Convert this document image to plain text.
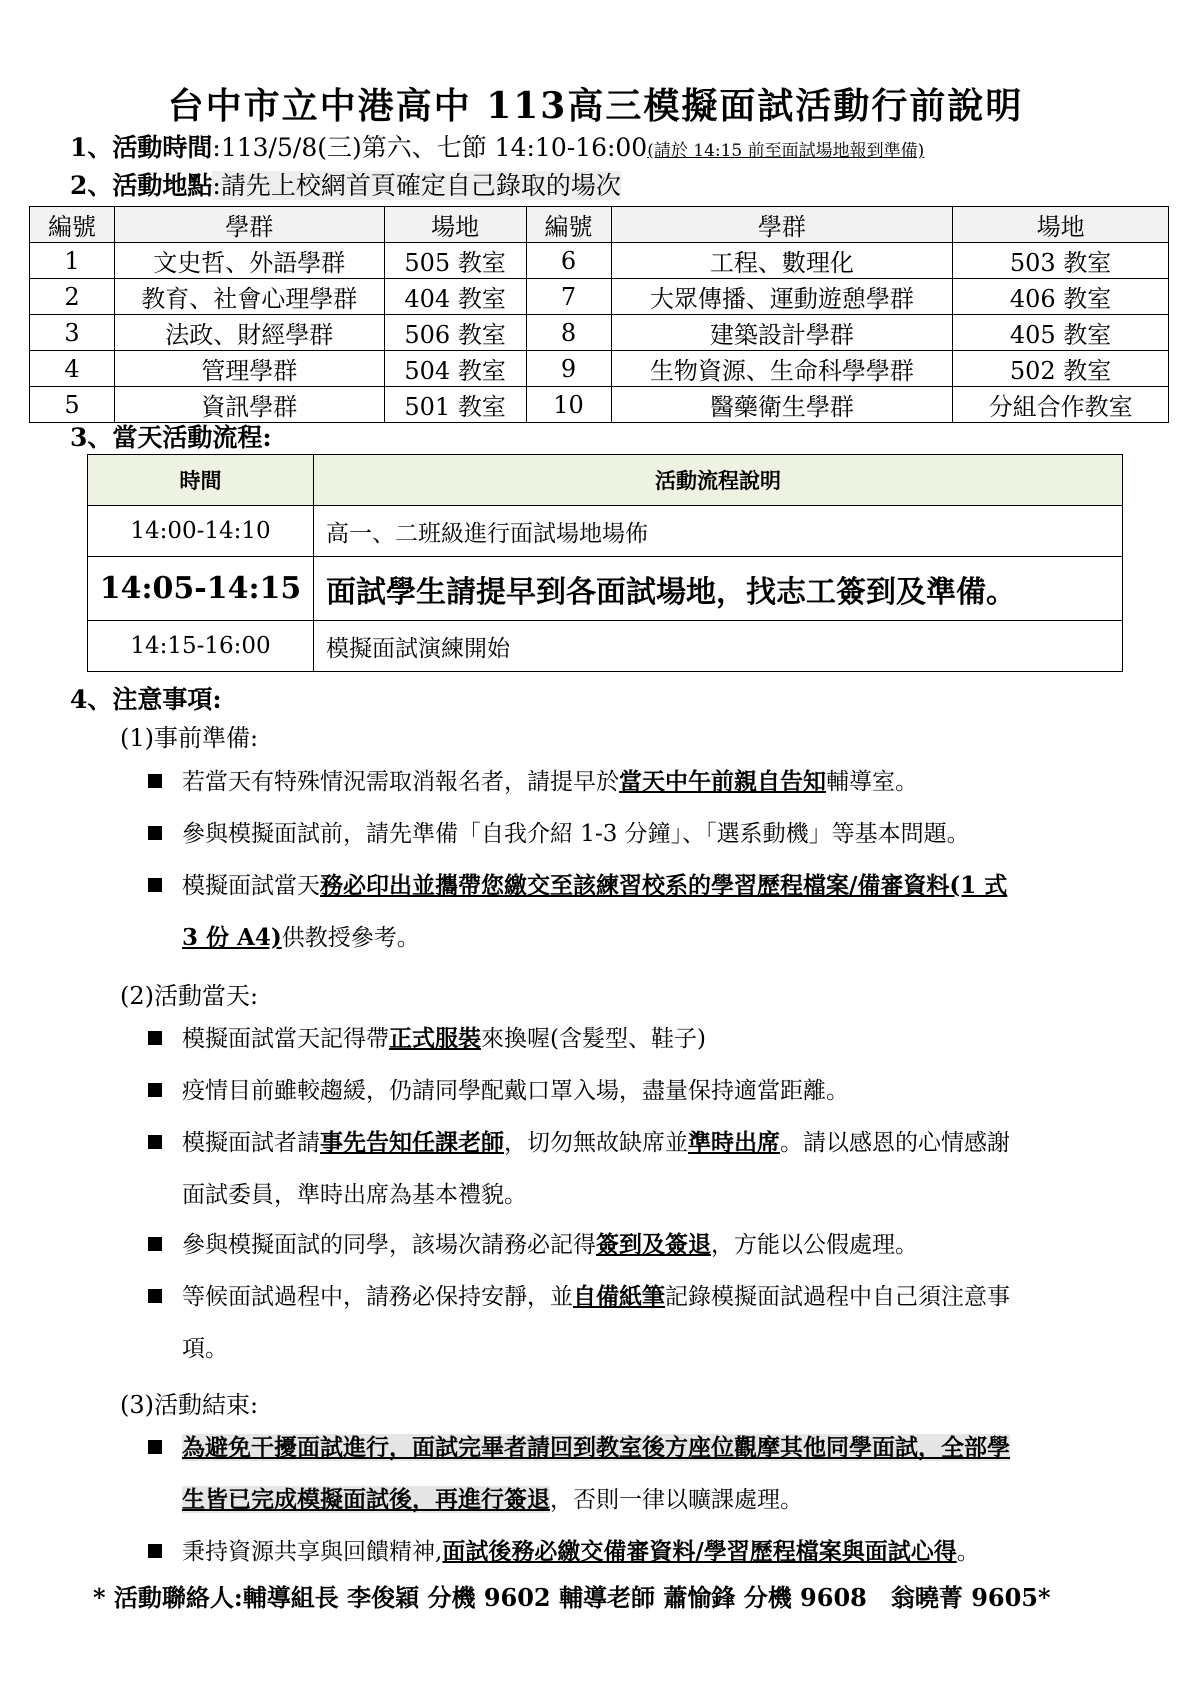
台中市立中港高中 113高三模擬面試活動行前說明
1、活動時間:113/5/8(三)第六、七節 14:10-16:00(請於 14:15 前至面試場地報到準備)
2、活動地點:請先上校網首頁確定自己錄取的場次
編號	學群	場地	編號	學群	場地
1	文史哲、外語學群	505 教室	6	工程、數理化	503 教室
2	教育、社會心理學群	404 教室	7	大眾傳播、運動遊憩學群	406 教室
3	法政、財經學群	506 教室	8	建築設計學群	405 教室
4	管理學群	504 教室	9	生物資源、生命科學學群	502 教室
5	資訊學群	501 教室	10	醫藥衛生學群	分組合作教室
3、當天活動流程:
時間	活動流程說明
14:00-14:10	高一、二班級進行面試場地場佈
14:05-14:15	面試學生請提早到各面試場地，找志工簽到及準備。
14:15-16:00	模擬面試演練開始
4、注意事項:
(1)事前準備:
若當天有特殊情況需取消報名者，請提早於當天中午前親自告知輔導室。
參與模擬面試前，請先準備「自我介紹 1-3 分鐘」、「選系動機」等基本問題。
模擬面試當天務必印出並攜帶您繳交至該練習校系的學習歷程檔案/備審資料(1 式
3 份 A4)供教授參考。
(2)活動當天:
模擬面試當天記得帶正式服裝來換喔(含髮型、鞋子)
疫情目前雖較趨緩，仍請同學配戴口罩入場，盡量保持適當距離。
模擬面試者請事先告知任課老師，切勿無故缺席並準時出席。請以感恩的心情感謝
面試委員，準時出席為基本禮貌。
參與模擬面試的同學，該場次請務必記得簽到及簽退，方能以公假處理。
等候面試過程中，請務必保持安靜，並自備紙筆記錄模擬面試過程中自己須注意事
項。
(3)活動結束:
為避免干擾面試進行，面試完畢者請回到教室後方座位觀摩其他同學面試，全部學
生皆已完成模擬面試後，再進行簽退，否則一律以曠課處理。
秉持資源共享與回饋精神,面試後務必繳交備審資料/學習歷程檔案與面試心得。
* 活動聯絡人:輔導組長 李俊穎 分機 9602 輔導老師 蕭愉鋒 分機 9608　翁曉菁 9605*
